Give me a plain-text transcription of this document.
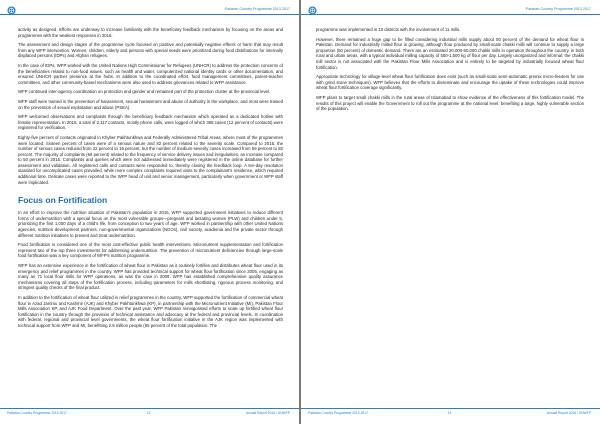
Pakistan Country Programme 2013-2017

activity as designed. Efforts are underway to increase familiarity with the beneficiary feedback mechanism by focusing on the areas and programmes with the weakest responses in 2016.

The assessment and design stages of the programme cycle focused on positive and potentially negative effects or harm that may result from any WFP intervention. Women, children, elderly and persons with special needs were prioritized during food distributions for internally displaced persons (IDPs) and Afghan refugees.

In the case of IDPs, WFP worked with the United Nations High Commissioner for Refugees (UNHCR) to address the protection concerns of the beneficiaries related to non-food issues, such as health and water, computerized national identity cards or other documentation, and ensured UNHCR partner presence at the hubs. In addition to the coordinated effort, food management committees, parent-teacher committees, and other community-based mechanisms were also used to address grievances related to WFP assistance.

WFP continued inter-agency coordination on protection and gender and remained part of the protection cluster at the provincial level.

WFP staff were trained in the prevention of harassment, sexual harassment and abuse of authority in the workplace, and most were trained on the prevention of sexual exploitation and abuse (PSEA).

WFP welcomed observations and complaints through the beneficiary feedback mechanism which operated as a dedicated hotline with female representation. In 2016, a total of 2,117 contacts, mostly phone calls, were logged of which 368 cases (12 percent of contacts) were registered for verification.

Eighty-five percent of contacts originated in Khyber Pakhtunkhwa and Federally Administered Tribal Areas, where most of the programmes were located. Sixteen percent of cases were of a serious nature and 82 percent related to the severity scale. Compared to 2015, the number of serious cases reduced from 22 percent to 16 percent, but the number of medium-severity cases increased from 59 percent to 82 percent. The majority of complaints (66 percent) related to the frequency of service delivery issues and irregularities, an increase compared to 50 percent in 2015. Complaints and queries which were not addressed immediately were registered in the online database for further assessment and validation. All registered calls and contacts were responded to, thereby closing the feedback loop. A ten-day resolution standard for uncomplicated cases prevailed, while more complex complaints required visits to the complainant's residence, which required additional time. Delicate cases were reported to the WFP head of unit and senior management, particularly when government or WFP staff were implicated.

Focus on Fortification

In an effort to improve the nutrition situation of Pakistan's population in 2016, WFP supported government initiatives to reduce different forms of undernutrition with a special focus on the most vulnerable groups—pregnant and lactating women (PLW) and children under 5, prioritizing the first 1,000 days of a child's life, from conception to two years of age. WFP worked in partnership with other United Nations agencies, nutrition development partners, non-governmental organizations (NGOs), civil society, academia and the private sector through different nutrition initiatives to prevent and treat undernutrition.

Food fortification is considered one of the most cost-effective public health interventions. Micronutrient supplementation and fortification represent two of the top three investments for addressing undernutrition. The prevention of micronutrient deficiencies through large-scale food fortification was a key component of WFP's nutrition programme.

WFP has an extensive experience in the fortification of wheat flour in Pakistan as it routinely fortifies and distributes wheat flour used in its emergency and relief programmes in the country. WFP has provided technical support for wheat flour fortification since 2005, engaging as many as 71 local flour mills for WFP operations, as was the case in 2009. WFP has established comprehensive quality assurance mechanisms covering all steps of the fortification process, including parameters for mills shortlisting, rigorous process monitoring, and stringent quality checks of the final product.

In addition to the fortification of wheat flour utilized in relief programmes in the country, WFP supported the fortification of commercial wheat flour in Azad Jammu and Kashmir (AJK) and Khyber Pakhtunkhwa (KP), in partnership with the Micronutrient Initiative (MI), Pakistan Flour Mills Association KP, and AJK Food Department. Over the past year, WFP Pakistan reinvigorated efforts to scale up fortified wheat flour fortification in the country through the provision of technical assistance and advocacy at the federal and provincial levels. In coordination with federal, regional and provincial level governments, the wheat flour fortification initiative in the AJK region was implemented with technical support from WFP and MI, benefitting 2.6 million people (65 percent of the total population. The

Pakistan Country Programme 2013-2017	13	Annual Report 2016 / UNWFP
Pakistan Country Programme 2013-2017

programme was implemented in 10 districts with the involvement of 11 mills.

However, there remained a huge gap to be filled considering industrial mills supply about 50 percent of the demand for wheat flour in Pakistan. Demand for industrially milled flour is growing, although flour produced by small-scale chakki mills will continue to supply a large proportion (50 percent) of domestic demand. There are an estimated 20,000-50,000 chakki mills in operation throughout the country, in both rural and urban areas, with a typical individual milling capacity of 500-1,500 kg of flour per day. Largely unorganized and informal, the chakki mill sector is not associated with the Pakistan Flour Mills Association and is entirely to be targeted by industrially focused wheat flour fortification.

Appropriate technology for village-level wheat flour fortification does exist (such as small-scale semi-automatic premix micro-feeders for use with grind stone techniques). WFP believes that the efforts to disseminate and encourage the uptake of these technologies could improve wheat flour fortification coverage significantly.

WFP plans to target small chakki mills in the rural areas of Islamabad to show evidence of the effectiveness of this fortification model. The results of this project will enable the Government to roll out the programme at the national level, benefiting a large, highly vulnerable section of the population.

Pakistan Country Programme 2013-2017	14	Annual Report 2016 / UNWFP
